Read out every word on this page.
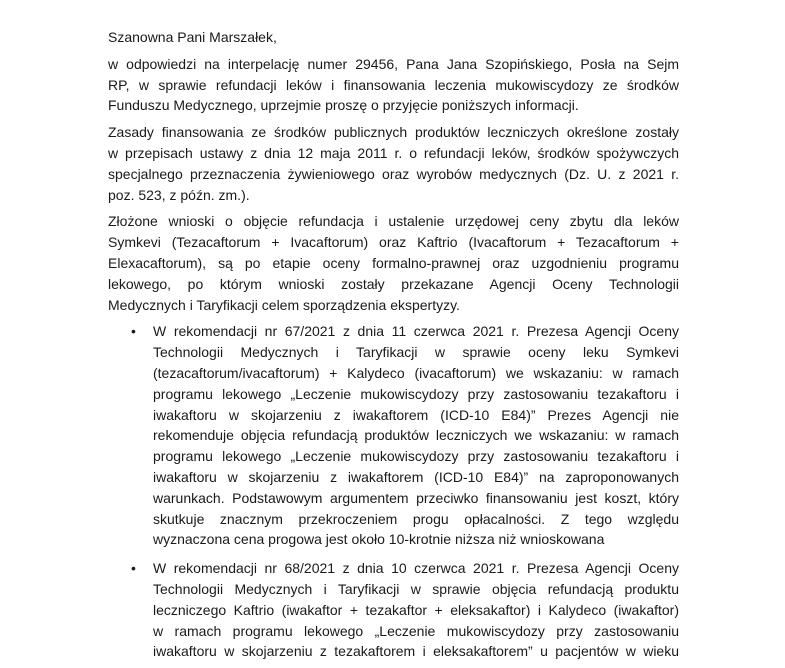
Szanowna Pani Marszałek,

w odpowiedzi na interpelację numer 29456, Pana Jana Szopińskiego, Posła na Sejm
RP, w sprawie refundacji leków i finansowania leczenia mukowiscydozy ze środków
Funduszu Medycznego, uprzejmie proszę o przyjęcie poniższych informacji.

Zasady finansowania ze środków publicznych produktów leczniczych określone zostały
w przepisach ustawy z dnia 12 maja 2011 r. o refundacji leków, środków spożywczych
specjalnego przeznaczenia żywieniowego oraz wyrobów medycznych (Dz. U. z 2021 r.
poz. 523, z późn. zm.).

Złożone wnioski o objęcie refundacja i ustalenie urzędowej ceny zbytu dla leków
Symkevi (Tezacaftorum + Ivacaftorum) oraz Kaftrio (Ivacaftorum + Tezacaftorum +
Elexacaftorum), są po etapie oceny formalno-prawnej oraz uzgodnieniu programu
lekowego, po którym wnioski zostały przekazane Agencji Oceny Technologii
Medycznych i Taryfikacji celem sporządzenia ekspertyzy.

•	W rekomendacji nr 67/2021 z dnia 11 czerwca 2021 r. Prezesa Agencji Oceny
Technologii Medycznych i Taryfikacji w sprawie oceny leku Symkevi
(tezacaftorum/ivacaftorum) + Kalydeco (ivacaftorum) we wskazaniu: w ramach
programu lekowego „Leczenie mukowiscydozy przy zastosowaniu tezakaftoru i
iwakaftoru w skojarzeniu z iwakaftorem (ICD-10 E84)” Prezes Agencji nie
rekomenduje objęcia refundacją produktów leczniczych we wskazaniu: w ramach
programu lekowego „Leczenie mukowiscydozy przy zastosowaniu tezakaftoru i
iwakaftoru w skojarzeniu z iwakaftorem (ICD-10 E84)” na zaproponowanych
warunkach. Podstawowym argumentem przeciwko finansowaniu jest koszt, który
skutkuje znacznym przekroczeniem progu opłacalności. Z tego względu
wyznaczona cena progowa jest około 10-krotnie niższa niż wnioskowana
•	W rekomendacji nr 68/2021 z dnia 10 czerwca 2021 r. Prezesa Agencji Oceny
Technologii Medycznych i Taryfikacji w sprawie objęcia refundacją produktu
leczniczego Kaftrio (iwakaftor + tezakaftor + eleksakaftor) i Kalydeco (iwakaftor)
w ramach programu lekowego „Leczenie mukowiscydozy przy zastosowaniu
iwakaftoru w skojarzeniu z tezakaftorem i eleksakaftorem” u pacjentów w wieku
